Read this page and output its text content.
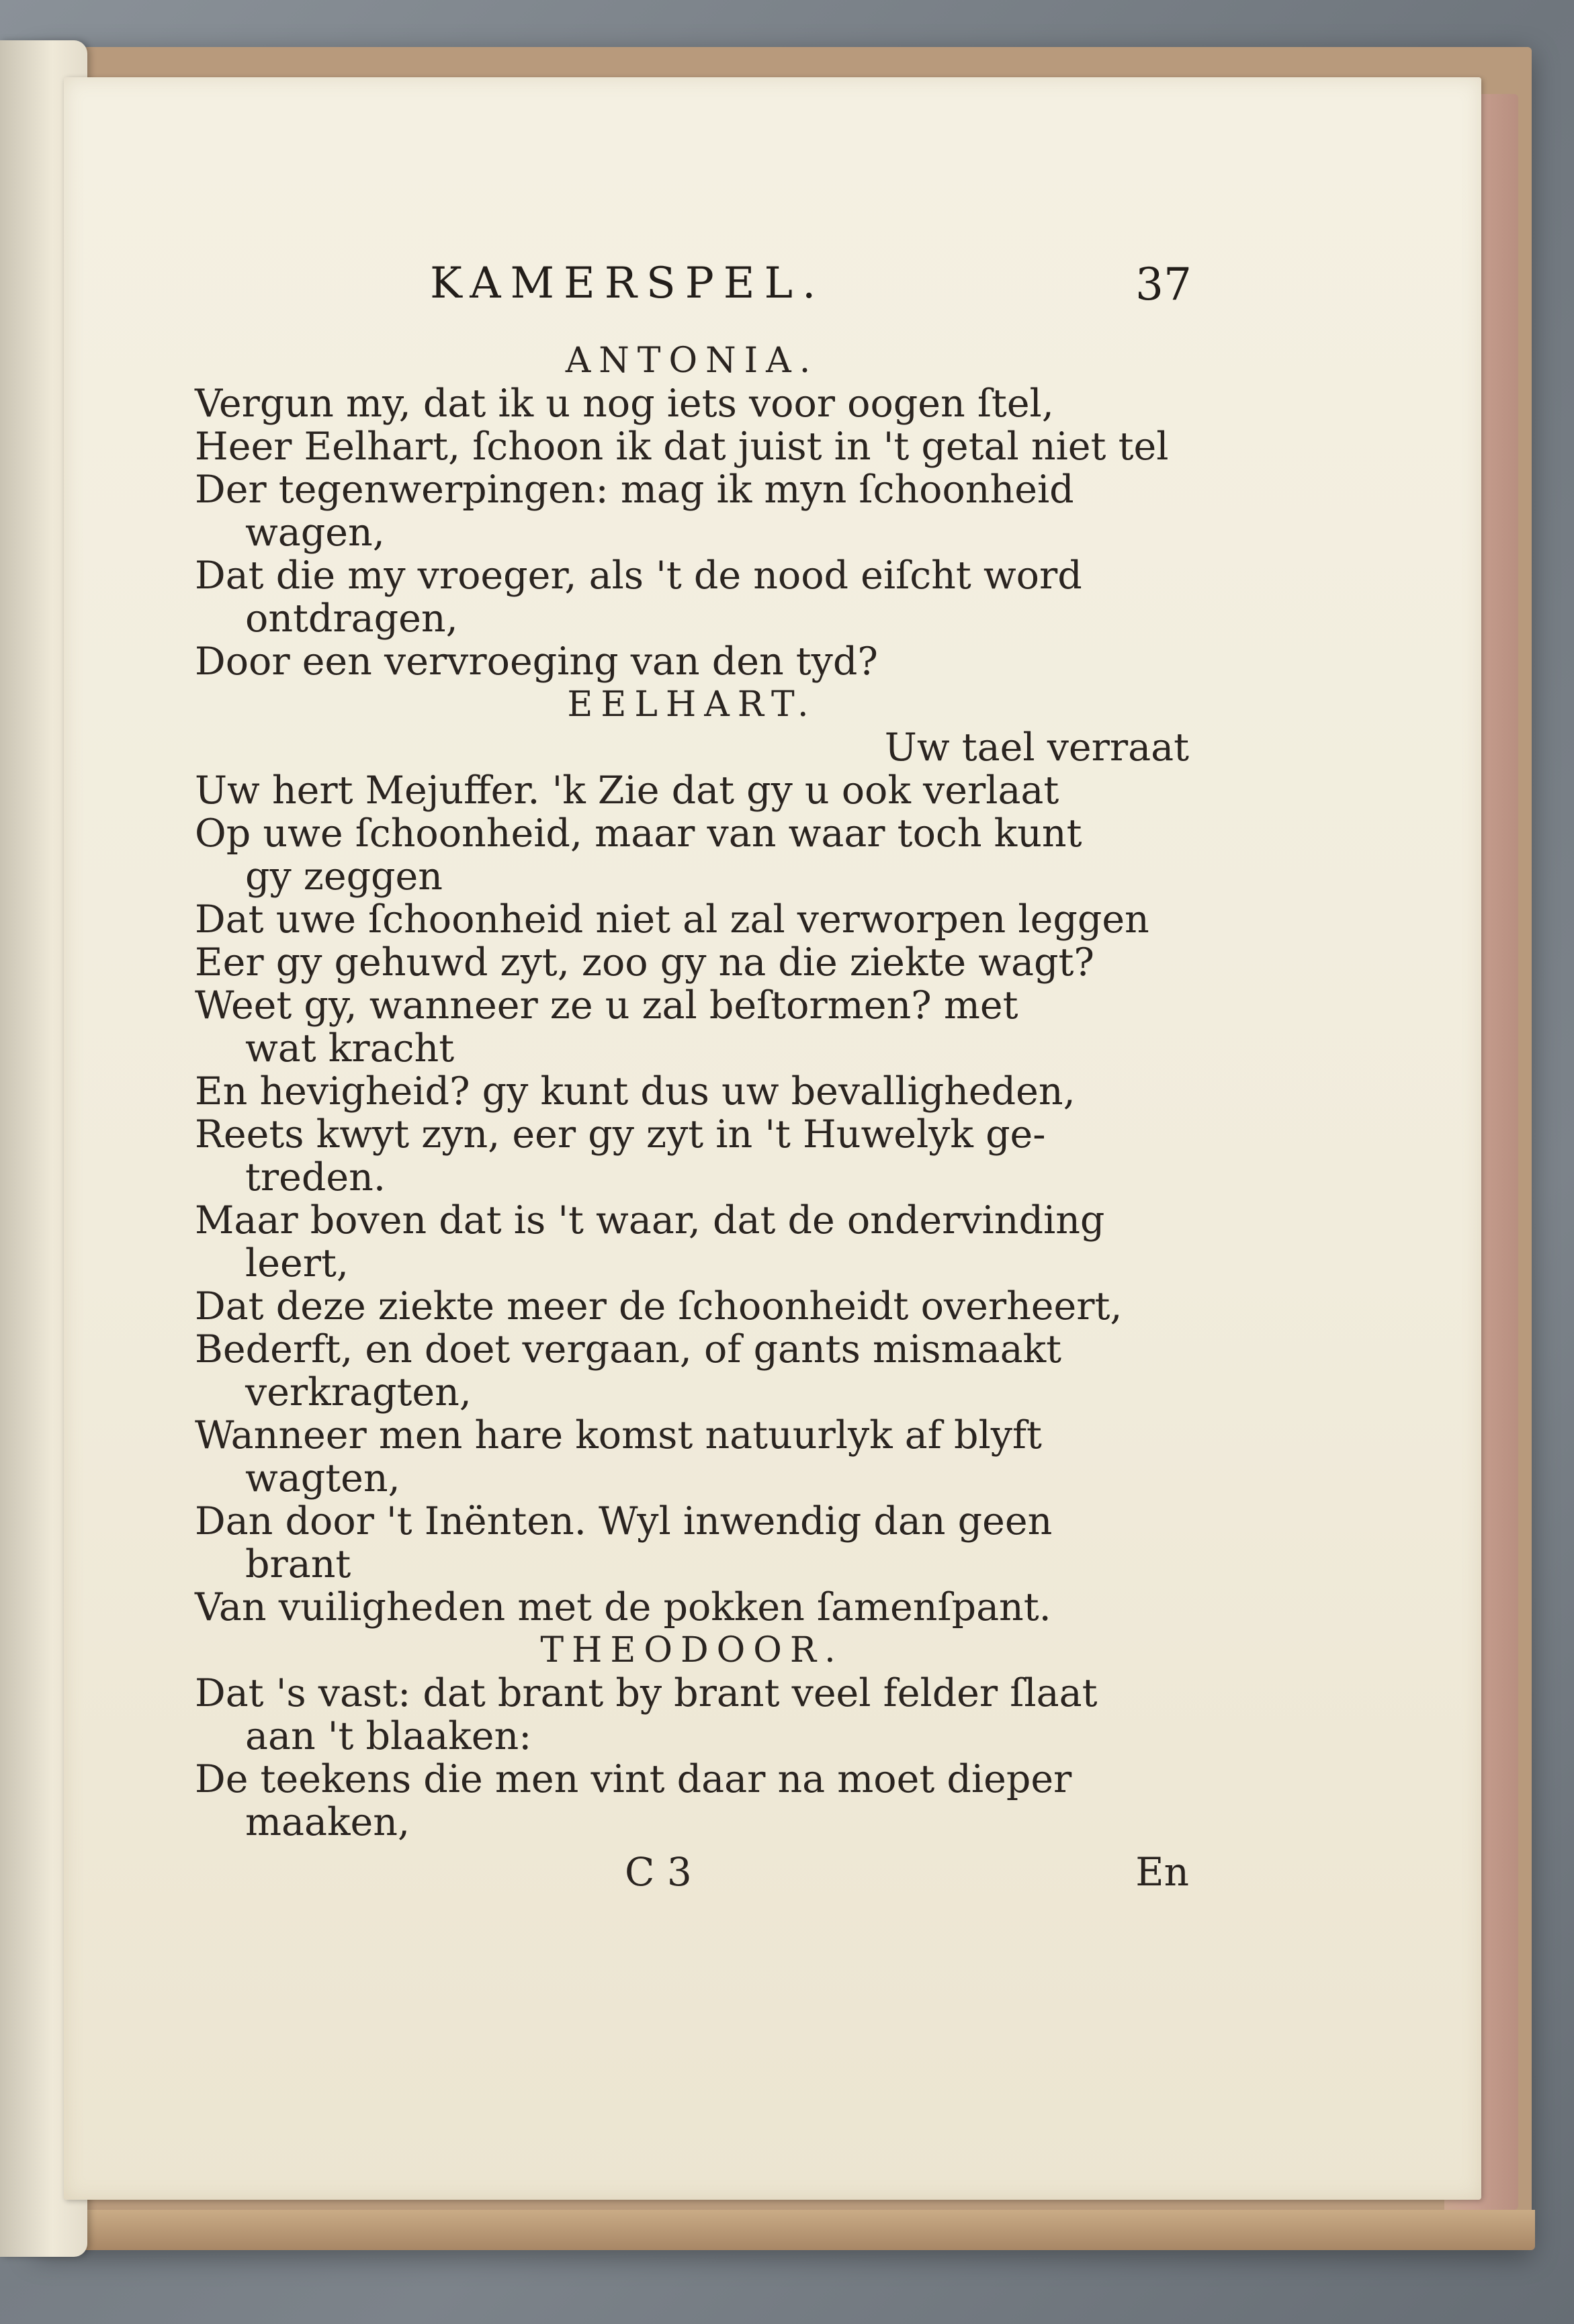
KAMERSPEL.	37

ANTONIA.

Vergun my, dat ik u nog iets voor oogen ſtel,

Heer Eelhart, ſchoon ik dat juist in 't getal niet tel

Der tegenwerpingen: mag ik myn ſchoonheid

wagen,

Dat die my vroeger, als 't de nood eiſcht word

ontdragen,

Door een vervroeging van den tyd?

EELHART.

Uw tael verraat

Uw hert Mejuffer. 'k Zie dat gy u ook verlaat

Op uwe ſchoonheid, maar van waar toch kunt

gy zeggen

Dat uwe ſchoonheid niet al zal verworpen leggen

Eer gy gehuwd zyt, zoo gy na die ziekte wagt?

Weet gy, wanneer ze u zal beſtormen? met

wat kracht

En hevigheid? gy kunt dus uw bevalligheden,

Reets kwyt zyn, eer gy zyt in 't Huwelyk ge-

treden.

Maar boven dat is 't waar, dat de ondervinding

leert,

Dat deze ziekte meer de ſchoonheidt overheert,

Bederft, en doet vergaan, of gants mismaakt

verkragten,

Wanneer men hare komst natuurlyk af blyft

wagten,

Dan door 't Inënten. Wyl inwendig dan geen

brant

Van vuiligheden met de pokken ſamenſpant.

THEODOOR.

Dat 's vast: dat brant by brant veel felder ſlaat

aan 't blaaken:

De teekens die men vint daar na moet dieper

maaken,

C 3	En
